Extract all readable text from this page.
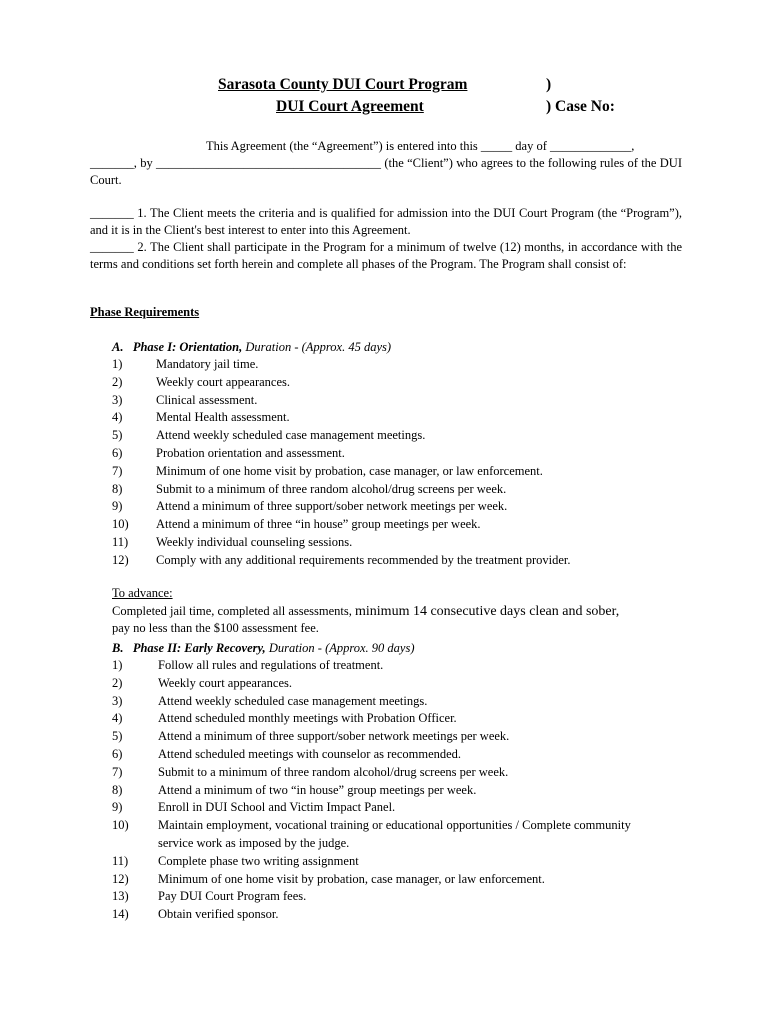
Sarasota County DUI Court Program
DUI Court Agreement
)
) Case No:
This Agreement (the “Agreement”) is entered into this _____ day of _____________,
_______, by ____________________________________ (the “Client”) who agrees to the following rules of the DUI Court.
_______ 1. The Client meets the criteria and is qualified for admission into the DUI Court Program (the “Program”), and it is in the Client's best interest to enter into this Agreement.
_______ 2. The Client shall participate in the Program for a minimum of twelve (12) months, in accordance with the terms and conditions set forth herein and complete all phases of the Program. The Program shall consist of:
Phase Requirements
A. Phase I: Orientation, Duration - (Approx. 45 days)
1)	Mandatory jail time.
2)	Weekly court appearances.
3)	Clinical assessment.
4)	Mental Health assessment.
5)	Attend weekly scheduled case management meetings.
6)	Probation orientation and assessment.
7)	Minimum of one home visit by probation, case manager, or law enforcement.
8)	Submit to a minimum of three random alcohol/drug screens per week.
9)	Attend a minimum of three support/sober network meetings per week.
10)	Attend a minimum of three “in house” group meetings per week.
11)	Weekly individual counseling sessions.
12)	Comply with any additional requirements recommended by the treatment provider.
To advance:
Completed jail time, completed all assessments, minimum 14 consecutive days clean and sober,
pay no less than the $100 assessment fee.
B. Phase II: Early Recovery, Duration - (Approx. 90 days)
1)	Follow all rules and regulations of treatment.
2)	Weekly court appearances.
3)	Attend weekly scheduled case management meetings.
4)	Attend scheduled monthly meetings with Probation Officer.
5)	Attend a minimum of three support/sober network meetings per week.
6)	Attend scheduled meetings with counselor as recommended.
7)	Submit to a minimum of three random alcohol/drug screens per week.
8)	Attend a minimum of two “in house” group meetings per week.
9)	Enroll in DUI School and Victim Impact Panel.
10)	Maintain employment, vocational training or educational opportunities / Complete community service work as imposed by the judge.
11)	Complete phase two writing assignment
12)	Minimum of one home visit by probation, case manager, or law enforcement.
13)	Pay DUI Court Program fees.
14)	Obtain verified sponsor.
